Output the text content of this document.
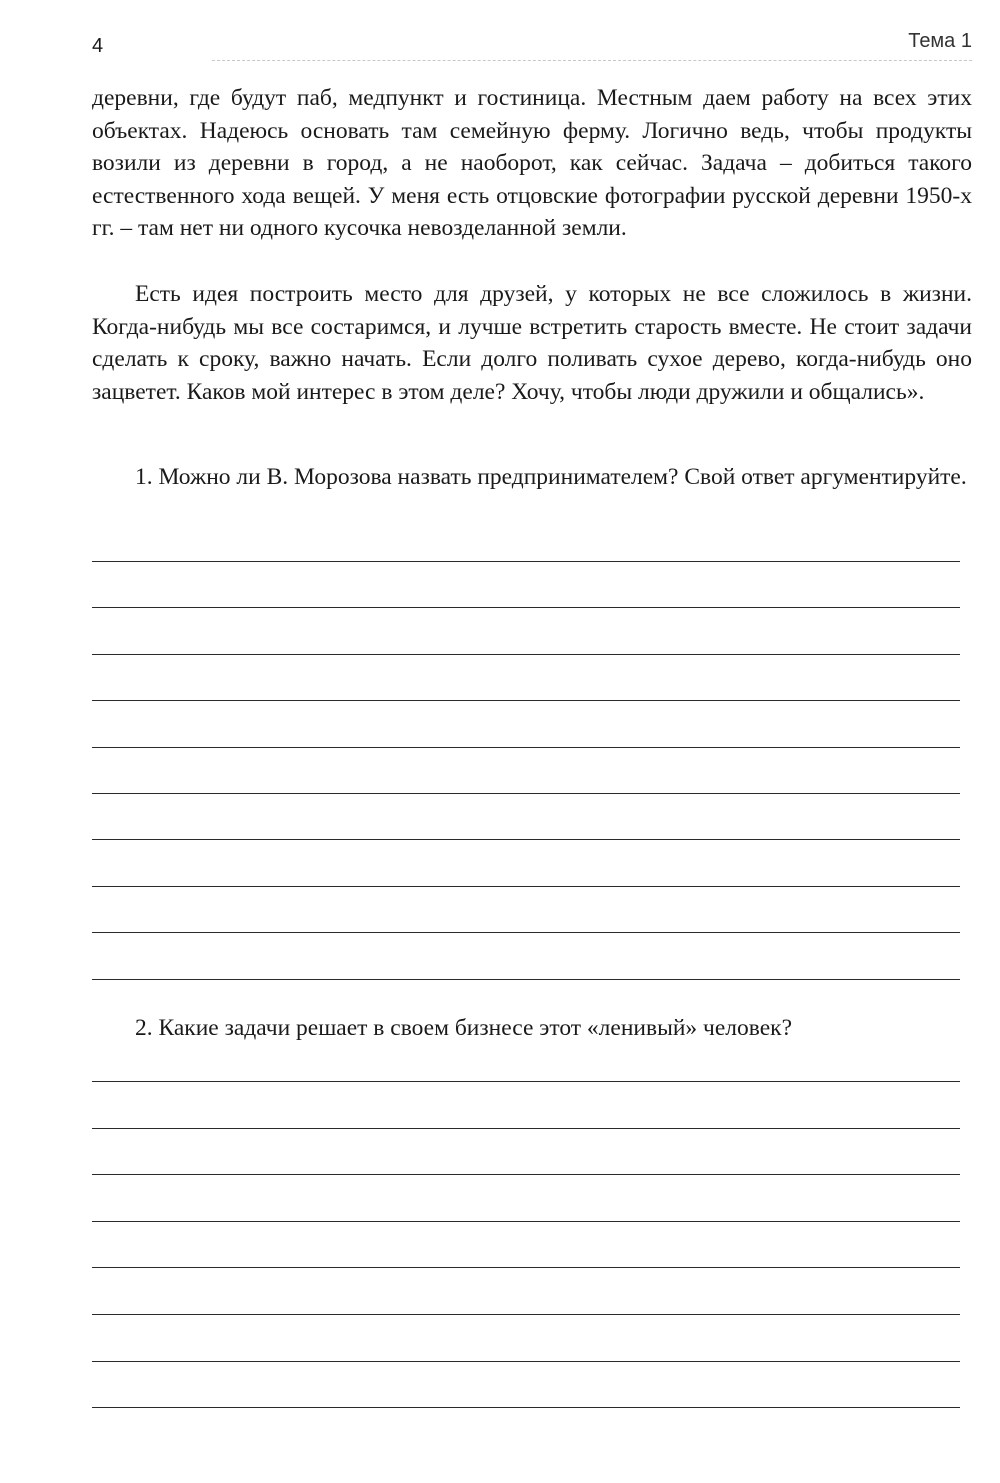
4	Тема 1
деревни, где будут паб, медпункт и гостиница. Местным даем работу на всех этих объектах. Надеюсь основать там семейную ферму. Логично ведь, чтобы продукты возили из деревни в город, а не наоборот, как сейчас. Задача – добиться такого естественного хода вещей. У меня есть отцовские фотографии русской деревни 1950-х гг. – там нет ни одного кусочка невозделанной земли.
Есть идея построить место для друзей, у которых не все сложилось в жизни. Когда-нибудь мы все состаримся, и лучше встретить старость вместе. Не стоит задачи сделать к сроку, важно начать. Если долго поливать сухое дерево, когда-нибудь оно зацветет. Каков мой интерес в этом деле? Хочу, чтобы люди дружили и общались».
1. Можно ли В. Морозова назвать предпринимателем? Свой ответ аргументируйте.
2. Какие задачи решает в своем бизнесе этот «ленивый» человек?
